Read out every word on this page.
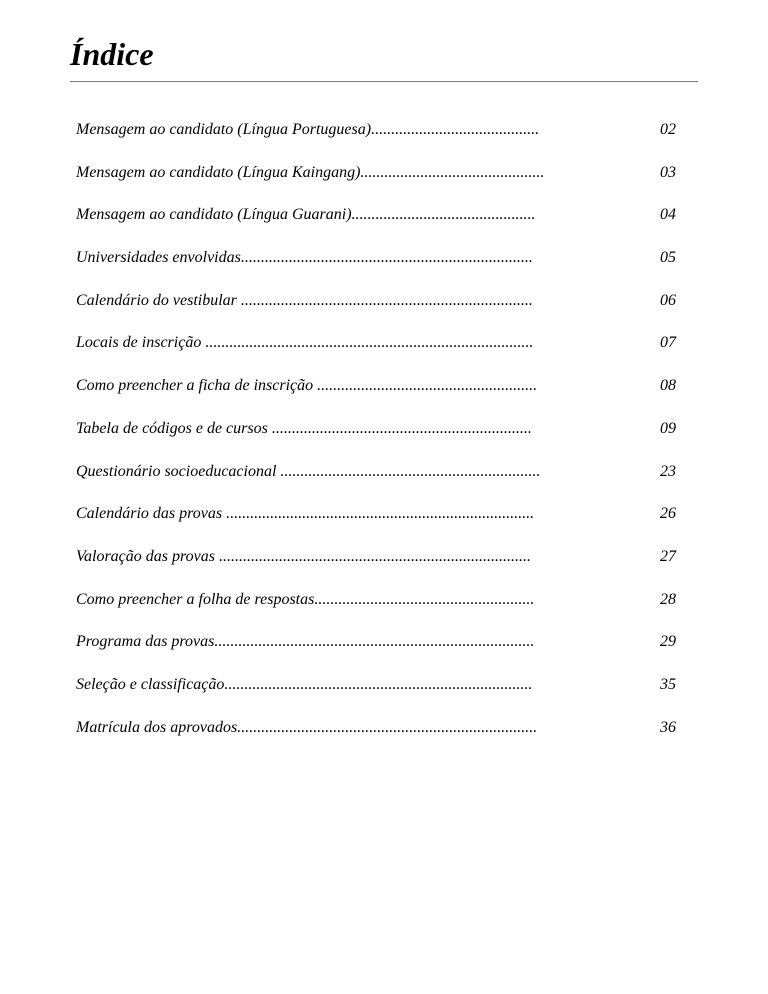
Índice
Mensagem ao candidato (Língua Portuguesa)..........................................	02
Mensagem ao candidato (Língua Kaingang)..............................................	03
Mensagem ao candidato (Língua Guarani)..............................................	04
Universidades envolvidas.........................................................................	05
Calendário do vestibular .........................................................................	06
Locais de inscrição ..................................................................................	07
Como preencher a ficha de inscrição .......................................................	08
Tabela de códigos e de cursos .................................................................	09
Questionário socioeducacional .................................................................	23
Calendário das provas .............................................................................	26
Valoração das provas ..............................................................................	27
Como preencher a folha de respostas.......................................................	28
Programa das provas................................................................................	29
Seleção e classificação.............................................................................	35
Matrícula dos aprovados...........................................................................	36
